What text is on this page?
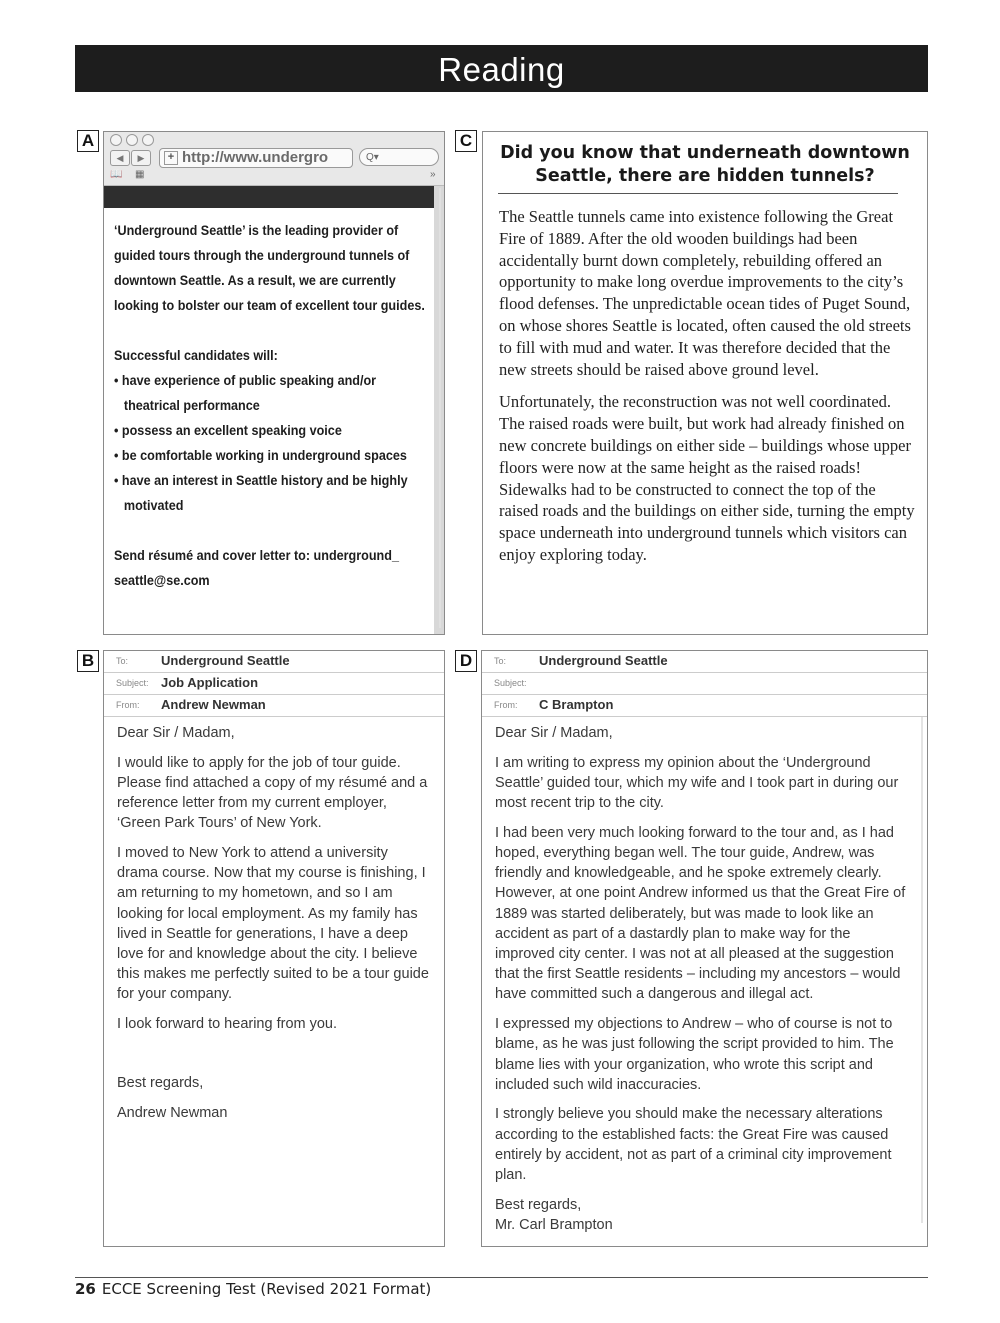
Reading
A	C
B	D
◀	▶	+ http://www.undergro	Q▾
📖 ▦	»

‘Underground Seattle’ is the leading provider of guided tours through the underground tunnels of downtown Seattle. As a result, we are currently looking to bolster our team of excellent tour guides.

Successful candidates will:

• have experience of public speaking and/or theatrical performance
• possess an excellent speaking voice
• be comfortable working in underground spaces
• have an interest in Seattle history and be highly motivated

Send résumé and cover letter to: underground_ seattle@se.com

Did you know that underneath downtown Seattle, there are hidden tunnels?

The Seattle tunnels came into existence following the Great Fire of 1889. After the old wooden buildings had been accidentally burnt down completely, rebuilding offered an opportunity to make long overdue improvements to the city’s flood defenses. The unpredictable ocean tides of Puget Sound, on whose shores Seattle is located, often caused the old streets to fill with mud and water. It was therefore decided that the new streets should be raised above ground level.

Unfortunately, the reconstruction was not well coordinated. The raised roads were built, but work had already finished on new concrete buildings on either side – buildings whose upper floors were now at the same height as the raised roads! Sidewalks had to be constructed to connect the top of the raised roads and the buildings on either side, turning the empty space underneath into underground tunnels which visitors can enjoy exploring today.

To:	Underground Seattle
Subject: Job Application
From: Andrew Newman

Dear Sir / Madam,

I would like to apply for the job of tour guide. Please find attached a copy of my résumé and a reference letter from my current employer, ‘Green Park Tours’ of New York.

I moved to New York to attend a university drama course. Now that my course is finishing, I am returning to my hometown, and so I am looking for local employment. As my family has lived in Seattle for generations, I have a deep love for and knowledge about the city. I believe this makes me perfectly suited to be a tour guide for your company.

I look forward to hearing from you.

Best regards,

Andrew Newman

To:	Underground Seattle
Subject:
From: C Brampton

Dear Sir / Madam,

I am writing to express my opinion about the ‘Underground Seattle’ guided tour, which my wife and I took part in during our most recent trip to the city.

I had been very much looking forward to the tour and, as I had hoped, everything began well. The tour guide, Andrew, was friendly and knowledgeable, and he spoke extremely clearly. However, at one point Andrew informed us that the Great Fire of 1889 was started deliberately, but was made to look like an accident as part of a dastardly plan to make way for the improved city center. I was not at all pleased at the suggestion that the first Seattle residents – including my ancestors – would have committed such a dangerous and illegal act.

I expressed my objections to Andrew – who of course is not to blame, as he was just following the script provided to him. The blame lies with your organization, who wrote this script and included such wild inaccuracies.

I strongly believe you should make the necessary alterations according to the established facts: the Great Fire was caused entirely by accident, not as part of a criminal city improvement plan.

Best regards,

Mr. Carl Brampton

26 ECCE Screening Test (Revised 2021 Format)
